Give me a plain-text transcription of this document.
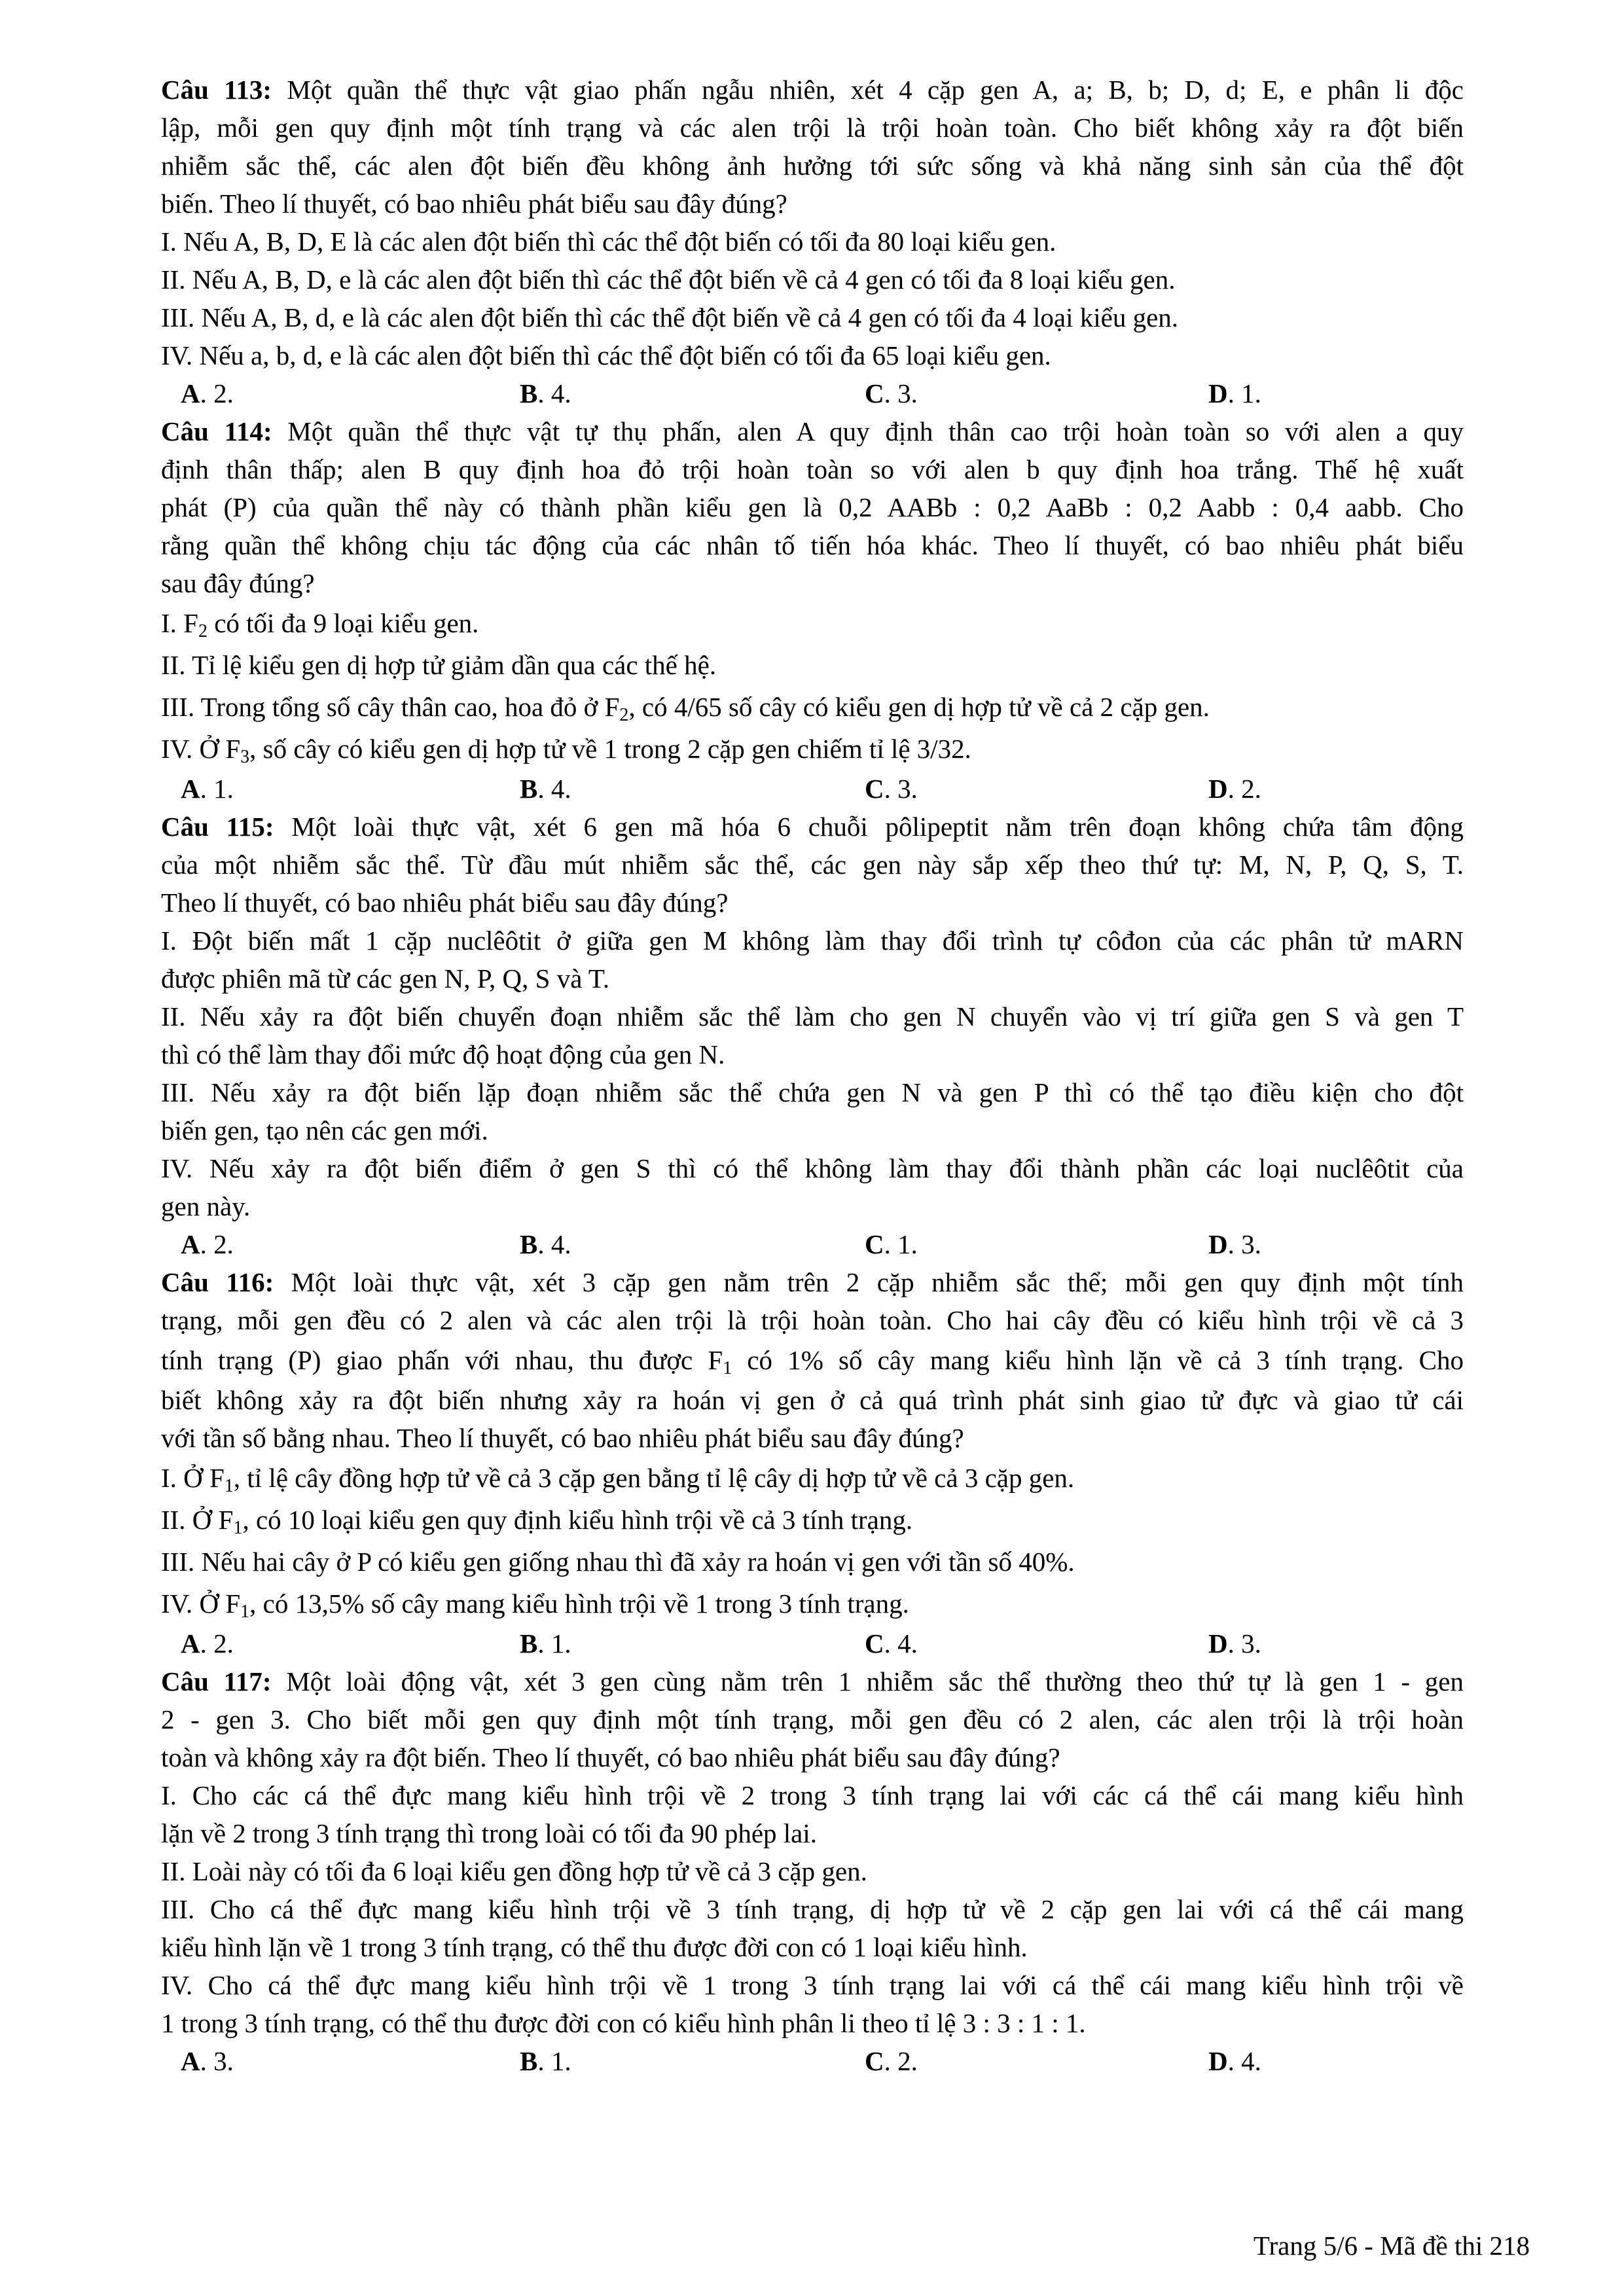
Câu 113: Một quần thể thực vật giao phấn ngẫu nhiên, xét 4 cặp gen A, a; B, b; D, d; E, e phân li độc
lập, mỗi gen quy định một tính trạng và các alen trội là trội hoàn toàn. Cho biết không xảy ra đột biến
nhiễm sắc thể, các alen đột biến đều không ảnh hưởng tới sức sống và khả năng sinh sản của thể đột
biến. Theo lí thuyết, có bao nhiêu phát biểu sau đây đúng?
I. Nếu A, B, D, E là các alen đột biến thì các thể đột biến có tối đa 80 loại kiểu gen.
II. Nếu A, B, D, e là các alen đột biến thì các thể đột biến về cả 4 gen có tối đa 8 loại kiểu gen.
III. Nếu A, B, d, e là các alen đột biến thì các thể đột biến về cả 4 gen có tối đa 4 loại kiểu gen.
IV. Nếu a, b, d, e là các alen đột biến thì các thể đột biến có tối đa 65 loại kiểu gen.
A. 2.	B. 4.	C. 3.	D. 1.
Câu 114: Một quần thể thực vật tự thụ phấn, alen A quy định thân cao trội hoàn toàn so với alen a quy
định thân thấp; alen B quy định hoa đỏ trội hoàn toàn so với alen b quy định hoa trắng. Thế hệ xuất
phát (P) của quần thể này có thành phần kiểu gen là 0,2 AABb : 0,2 AaBb : 0,2 Aabb : 0,4 aabb. Cho
rằng quần thể không chịu tác động của các nhân tố tiến hóa khác. Theo lí thuyết, có bao nhiêu phát biểu
sau đây đúng?
I. $F_2$ có tối đa 9 loại kiểu gen.
II. Tỉ lệ kiểu gen dị hợp tử giảm dần qua các thế hệ.
III. Trong tổng số cây thân cao, hoa đỏ ở $F_2$, có 4/65 số cây có kiểu gen dị hợp tử về cả 2 cặp gen.
IV. Ở $F_3$, số cây có kiểu gen dị hợp tử về 1 trong 2 cặp gen chiếm tỉ lệ 3/32.
A. 1.	B. 4.	C. 3.	D. 2.
Câu 115: Một loài thực vật, xét 6 gen mã hóa 6 chuỗi pôlipeptit nằm trên đoạn không chứa tâm động
của một nhiễm sắc thể. Từ đầu mút nhiễm sắc thể, các gen này sắp xếp theo thứ tự: M, N, P, Q, S, T.
Theo lí thuyết, có bao nhiêu phát biểu sau đây đúng?
I. Đột biến mất 1 cặp nuclêôtit ở giữa gen M không làm thay đổi trình tự côđon của các phân tử mARN
được phiên mã từ các gen N, P, Q, S và T.
II. Nếu xảy ra đột biến chuyển đoạn nhiễm sắc thể làm cho gen N chuyển vào vị trí giữa gen S và gen T
thì có thể làm thay đổi mức độ hoạt động của gen N.
III. Nếu xảy ra đột biến lặp đoạn nhiễm sắc thể chứa gen N và gen P thì có thể tạo điều kiện cho đột
biến gen, tạo nên các gen mới.
IV. Nếu xảy ra đột biến điểm ở gen S thì có thể không làm thay đổi thành phần các loại nuclêôtit của
gen này.
A. 2.	B. 4.	C. 1.	D. 3.
Câu 116: Một loài thực vật, xét 3 cặp gen nằm trên 2 cặp nhiễm sắc thể; mỗi gen quy định một tính
trạng, mỗi gen đều có 2 alen và các alen trội là trội hoàn toàn. Cho hai cây đều có kiểu hình trội về cả 3
tính trạng (P) giao phấn với nhau, thu được $F_1$ có 1% số cây mang kiểu hình lặn về cả 3 tính trạng. Cho
biết không xảy ra đột biến nhưng xảy ra hoán vị gen ở cả quá trình phát sinh giao tử đực và giao tử cái
với tần số bằng nhau. Theo lí thuyết, có bao nhiêu phát biểu sau đây đúng?
I. Ở $F_1$, tỉ lệ cây đồng hợp tử về cả 3 cặp gen bằng tỉ lệ cây dị hợp tử về cả 3 cặp gen.
II. Ở $F_1$, có 10 loại kiểu gen quy định kiểu hình trội về cả 3 tính trạng.
III. Nếu hai cây ở P có kiểu gen giống nhau thì đã xảy ra hoán vị gen với tần số 40%.
IV. Ở $F_1$, có 13,5% số cây mang kiểu hình trội về 1 trong 3 tính trạng.
A. 2.	B. 1.	C. 4.	D. 3.
Câu 117: Một loài động vật, xét 3 gen cùng nằm trên 1 nhiễm sắc thể thường theo thứ tự là gen 1 - gen
2 - gen 3. Cho biết mỗi gen quy định một tính trạng, mỗi gen đều có 2 alen, các alen trội là trội hoàn
toàn và không xảy ra đột biến. Theo lí thuyết, có bao nhiêu phát biểu sau đây đúng?
I. Cho các cá thể đực mang kiểu hình trội về 2 trong 3 tính trạng lai với các cá thể cái mang kiểu hình
lặn về 2 trong 3 tính trạng thì trong loài có tối đa 90 phép lai.
II. Loài này có tối đa 6 loại kiểu gen đồng hợp tử về cả 3 cặp gen.
III. Cho cá thể đực mang kiểu hình trội về 3 tính trạng, dị hợp tử về 2 cặp gen lai với cá thể cái mang
kiểu hình lặn về 1 trong 3 tính trạng, có thể thu được đời con có 1 loại kiểu hình.
IV. Cho cá thể đực mang kiểu hình trội về 1 trong 3 tính trạng lai với cá thể cái mang kiểu hình trội về
1 trong 3 tính trạng, có thể thu được đời con có kiểu hình phân li theo tỉ lệ 3 : 3 : 1 : 1.
A. 3.	B. 1.	C. 2.	D. 4.
Trang 5/6 - Mã đề thi 218
